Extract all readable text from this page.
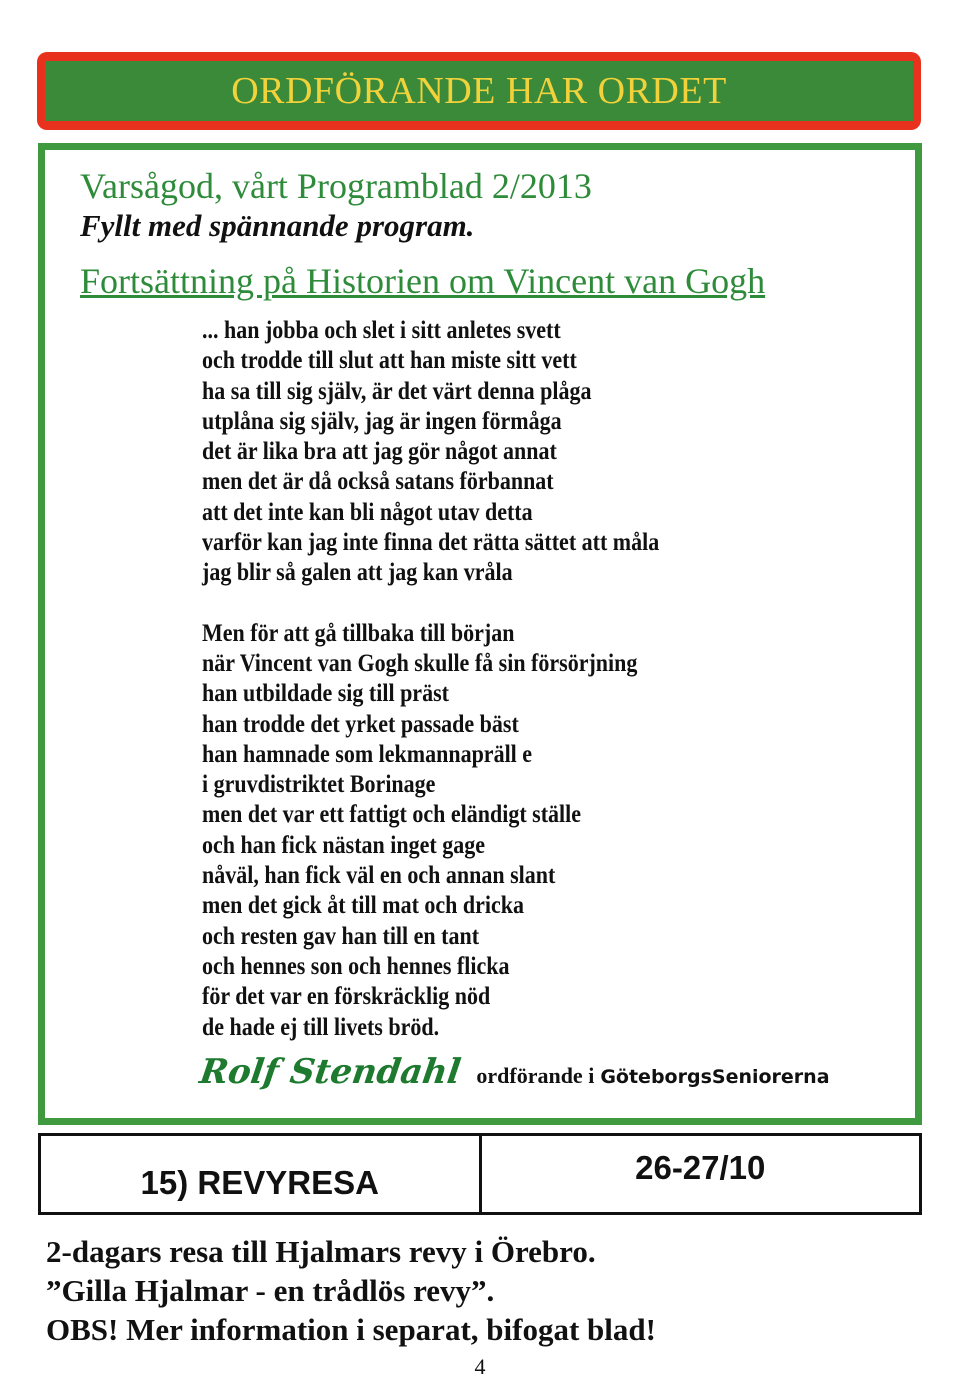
ORDFÖRANDE HAR ORDET
Varsågod, vårt Programblad 2/2013
Fyllt med spännande program.
Fortsättning på Historien om Vincent van Gogh
... han jobba och slet i sitt anletes svett
och trodde till slut att han miste sitt vett
ha sa till sig själv, är det värt denna plåga
utplåna sig själv, jag är ingen förmåga
det är lika bra att jag gör något annat
men det är då också satans förbannat
att det inte kan bli något utav detta
varför kan jag inte finna det rätta sättet att måla
jag blir så galen att jag kan vråla
Men för att gå tillbaka till början
när Vincent van Gogh skulle få sin försörjning
han utbildade sig till präst
han trodde det yrket passade bäst
han hamnade som lekmannapräll e
i gruvdistriktet Borinage
men det var ett fattigt och eländigt ställe
och han fick nästan inget gage
nåväl, han fick väl en och annan slant
men det gick åt till mat och dricka
och resten gav han till en tant
och hennes son och hennes flicka
för det var en förskräcklig nöd
de hade ej till livets bröd.
Rolf Stendahl ordförande i GöteborgsSeniorerna
15) REVYRESA	26-27/10
2-dagars resa till Hjalmars revy i Örebro.
”Gilla Hjalmar - en trådlös revy”.
OBS! Mer information i separat, bifogat blad!
4
